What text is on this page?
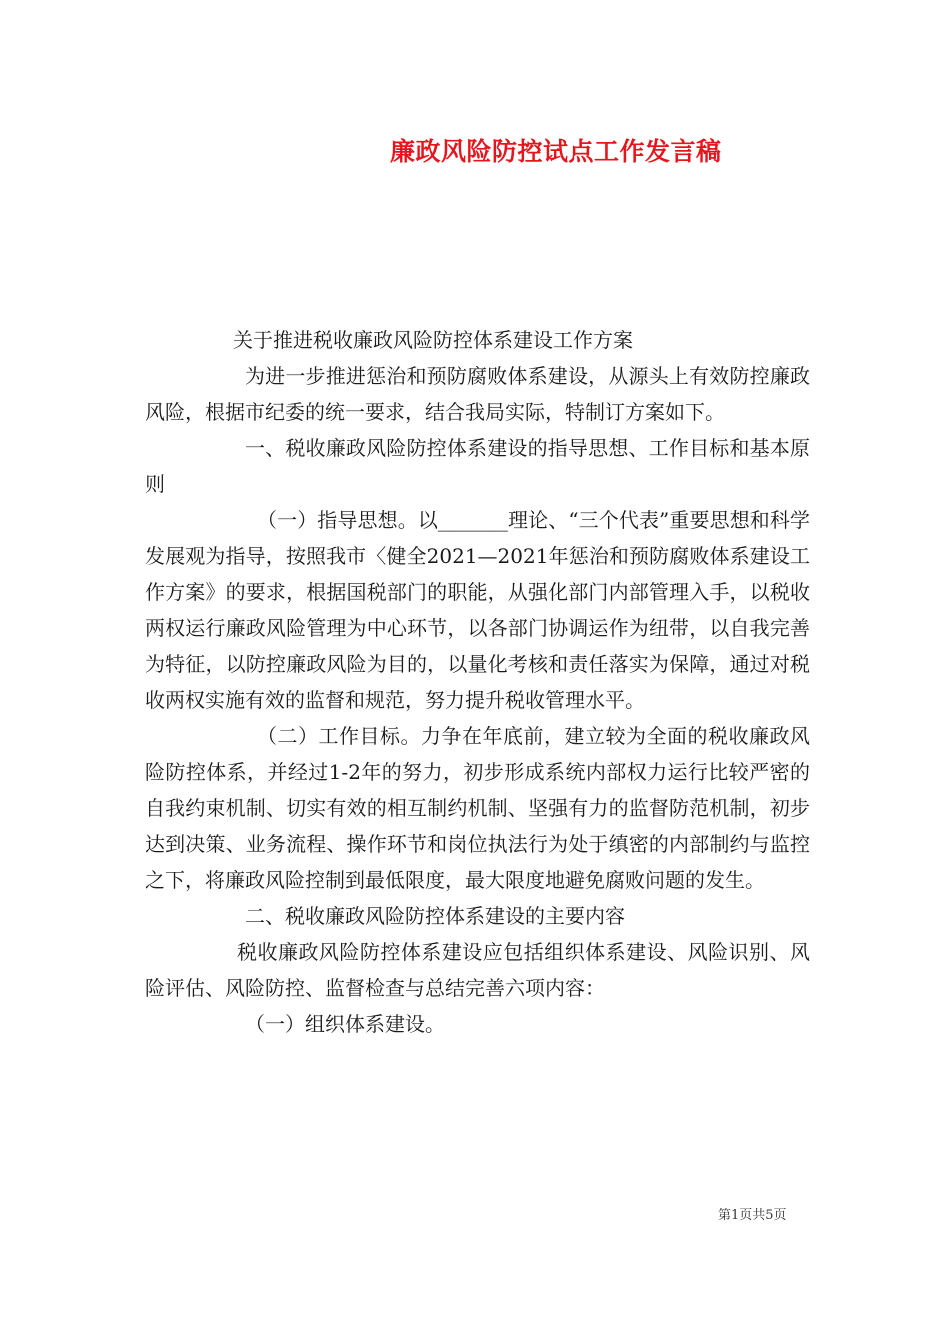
廉政风险防控试点工作发言稿

关于推进税收廉政风险防控体系建设工作方案

为进一步推进惩治和预防腐败体系建设，从源头上有效防控廉政风险，根据市纪委的统一要求，结合我局实际，特制订方案如下。

一、税收廉政风险防控体系建设的指导思想、工作目标和基本原则

（一）指导思想。以_______理论、“三个代表”重要思想和科学发展观为指导，按照我市〈健全2021—2021年惩治和预防腐败体系建设工作方案》的要求，根据国税部门的职能，从强化部门内部管理入手，以税收两权运行廉政风险管理为中心环节，以各部门协调运作为纽带，以自我完善为特征，以防控廉政风险为目的，以量化考核和责任落实为保障，通过对税收两权实施有效的监督和规范，努力提升税收管理水平。

（二）工作目标。力争在年底前，建立较为全面的税收廉政风险防控体系，并经过1-2年的努力，初步形成系统内部权力运行比较严密的自我约束机制、切实有效的相互制约机制、坚强有力的监督防范机制，初步达到决策、业务流程、操作环节和岗位执法行为处于缜密的内部制约与监控之下，将廉政风险控制到最低限度，最大限度地避免腐败问题的发生。

二、税收廉政风险防控体系建设的主要内容

税收廉政风险防控体系建设应包括组织体系建设、风险识别、风险评估、风险防控、监督检查与总结完善六项内容：

（一）组织体系建设。

第1页共5页
